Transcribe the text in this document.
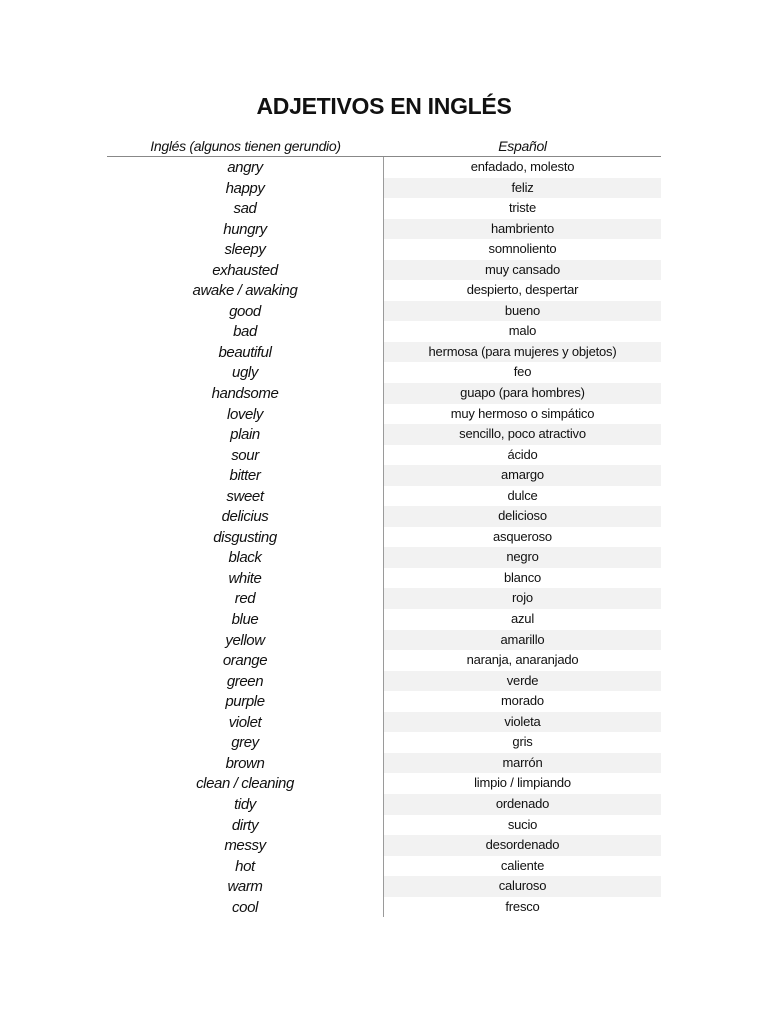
ADJETIVOS EN INGLÉS
Inglés (algunos tienen gerundio)	Español
angry	enfadado, molesto
happy	feliz
sad	triste
hungry	hambriento
sleepy	somnoliento
exhausted	muy cansado
awake / awaking	despierto, despertar
good	bueno
bad	malo
beautiful	hermosa (para mujeres y objetos)
ugly	feo
handsome	guapo (para hombres)
lovely	muy hermoso o simpático
plain	sencillo, poco atractivo
sour	ácido
bitter	amargo
sweet	dulce
delicius	delicioso
disgusting	asqueroso
black	negro
white	blanco
red	rojo
blue	azul
yellow	amarillo
orange	naranja, anaranjado
green	verde
purple	morado
violet	violeta
grey	gris
brown	marrón
clean / cleaning	limpio / limpiando
tidy	ordenado
dirty	sucio
messy	desordenado
hot	caliente
warm	caluroso
cool	fresco
